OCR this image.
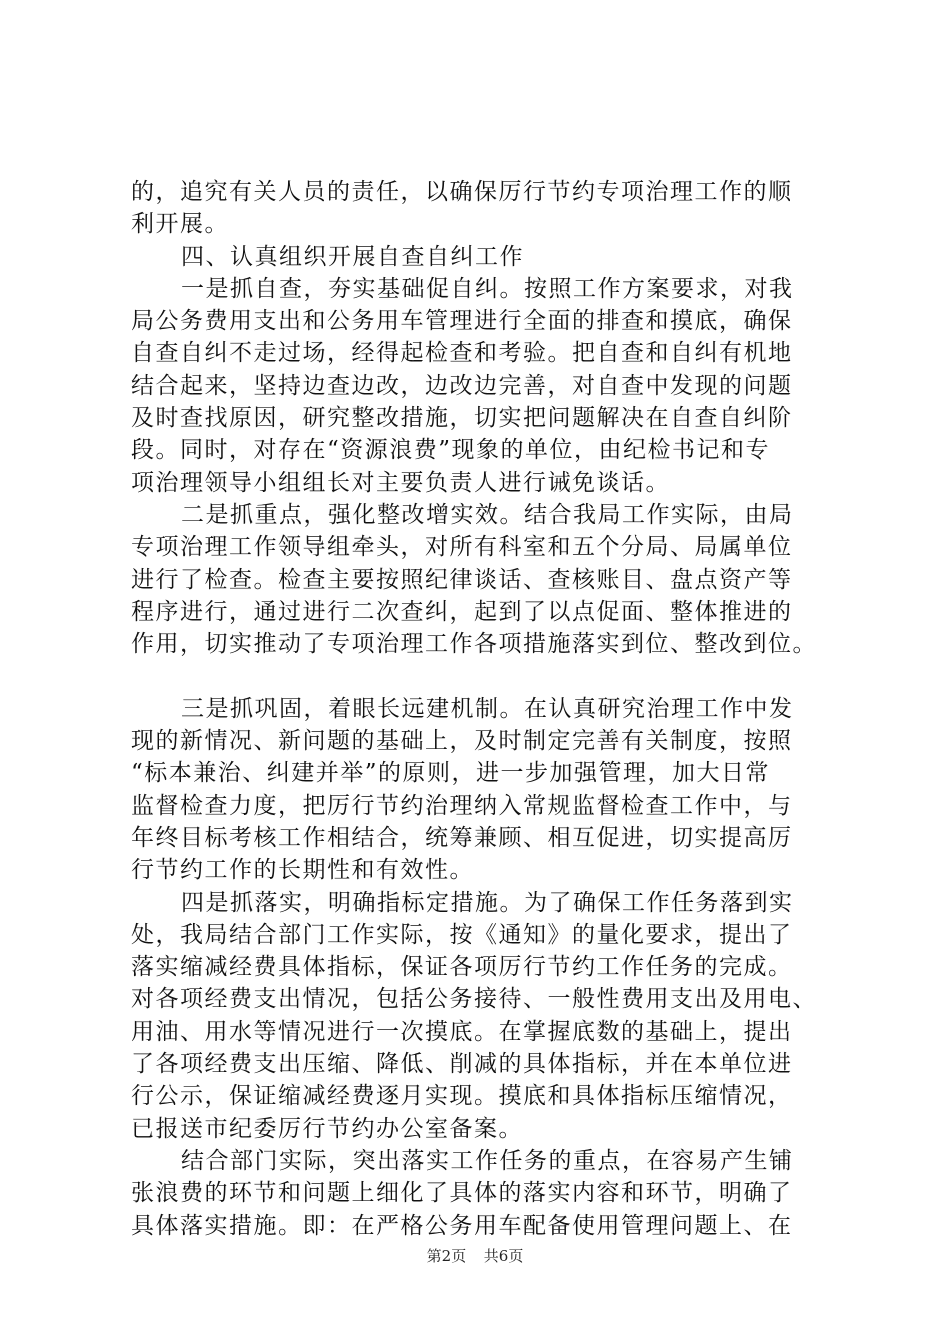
的，追究有关人员的责任，以确保厉行节约专项治理工作的顺
利开展。
四、认真组织开展自查自纠工作
一是抓自查，夯实基础促自纠。按照工作方案要求，对我
局公务费用支出和公务用车管理进行全面的排查和摸底，确保
自查自纠不走过场，经得起检查和考验。把自查和自纠有机地
结合起来，坚持边查边改，边改边完善，对自查中发现的问题
及时查找原因，研究整改措施，切实把问题解决在自查自纠阶
段。同时，对存在“资源浪费”现象的单位，由纪检书记和专
项治理领导小组组长对主要负责人进行诫免谈话。
二是抓重点，强化整改增实效。结合我局工作实际，由局
专项治理工作领导组牵头，对所有科室和五个分局、局属单位
进行了检查。检查主要按照纪律谈话、查核账目、盘点资产等
程序进行，通过进行二次查纠，起到了以点促面、整体推进的
作用，切实推动了专项治理工作各项措施落实到位、整改到位。
三是抓巩固，着眼长远建机制。在认真研究治理工作中发
现的新情况、新问题的基础上，及时制定完善有关制度，按照
“标本兼治、纠建并举”的原则，进一步加强管理，加大日常
监督检查力度，把厉行节约治理纳入常规监督检查工作中，与
年终目标考核工作相结合，统筹兼顾、相互促进，切实提高厉
行节约工作的长期性和有效性。
四是抓落实，明确指标定措施。为了确保工作任务落到实
处，我局结合部门工作实际，按《通知》的量化要求，提出了
落实缩减经费具体指标，保证各项厉行节约工作任务的完成。
对各项经费支出情况，包括公务接待、一般性费用支出及用电、
用油、用水等情况进行一次摸底。在掌握底数的基础上，提出
了各项经费支出压缩、降低、削减的具体指标，并在本单位进
行公示，保证缩减经费逐月实现。摸底和具体指标压缩情况，
已报送市纪委厉行节约办公室备案。
结合部门实际，突出落实工作任务的重点，在容易产生铺
张浪费的环节和问题上细化了具体的落实内容和环节，明确了
具体落实措施。即：在严格公务用车配备使用管理问题上、在
第2页 共6页
